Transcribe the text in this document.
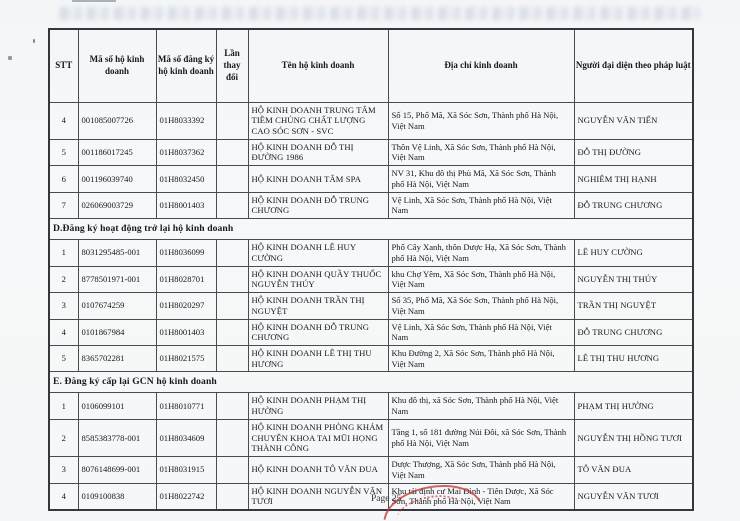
STT	Mã số hộ kinh doanh	Mã số đăng ký hộ kinh doanh	Lần thay đổi	Tên hộ kinh doanh	Địa chỉ kinh doanh	Người đại diện theo pháp luật
4	001085007726	01H8033392		HỘ KINH DOANH TRUNG TÂM TIÊM CHỦNG CHẤT LƯỢNG CAO SÓC SƠN - SVC	Số 15, Phố Mã, Xã Sóc Sơn, Thành phố Hà Nội, Việt Nam	NGUYỄN VĂN TIẾN
5	001186017245	01H8037362		HỘ KINH DOANH ĐỖ THỊ ĐƯỜNG 1986	Thôn Vệ Linh, Xã Sóc Sơn, Thành phố Hà Nội, Việt Nam	ĐỖ THỊ ĐƯỜNG
6	001196039740	01H8032450		HỘ KINH DOANH TÂM SPA	NV 31, Khu đô thị Phù Mã, Xã Sóc Sơn, Thành phố Hà Nội, Việt Nam	NGHIÊM THỊ HẠNH
7	026069003729	01H8001403		HỘ KINH DOANH ĐỖ TRUNG CHƯƠNG	Vệ Linh, Xã Sóc Sơn, Thành phố Hà Nội, Việt Nam	ĐỖ TRUNG CHƯƠNG
D.Đăng ký hoạt động trở lại hộ kinh doanh						
1	8031295485-001	01H8036099		HỘ KINH DOANH LÊ HUY CƯỜNG	Phố Cây Xanh, thôn Dược Hạ, Xã Sóc Sơn, Thành phố Hà Nội, Việt Nam	LÊ HUY CƯỜNG
2	8778501971-001	01H8028701		HỘ KINH DOANH QUẦY THUỐC NGUYỄN THÚY	khu Chợ Yêm, Xã Sóc Sơn, Thành phố Hà Nội, Việt Nam	NGUYỄN THỊ THÚY
3	0107674259	01H8020297		HỘ KINH DOANH TRẦN THỊ NGUYỆT	Số 35, Phố Mã, Xã Sóc Sơn, Thành phố Hà Nội, Việt Nam	TRẦN THỊ NGUYỆT
4	0101867984	01H8001403		HỘ KINH DOANH ĐỖ TRUNG CHƯƠNG	Vệ Linh, Xã Sóc Sơn, Thành phố Hà Nội, Việt Nam	ĐỖ TRUNG CHƯƠNG
5	8365702281	01H8021575		HỘ KINH DOANH LÊ THỊ THU HƯƠNG	Khu Đường 2, Xã Sóc Sơn, Thành phố Hà Nội, Việt Nam	LÊ THỊ THU HƯƠNG
E. Đăng ký cấp lại GCN hộ kinh doanh						
1	0106099101	01H8010771		HỘ KINH DOANH PHẠM THỊ HƯỜNG	Khu đô thị, xã Sóc Sơn, Thành phố Hà Nội, Việt Nam	PHẠM THỊ HƯỜNG
2	8585383778-001	01H8034609		HỘ KINH DOANH PHÒNG KHÁM CHUYÊN KHOA TAI MŨI HỌNG THÀNH CÔNG	Tầng 1, số 181 đường Núi Đôi, xã Sóc Sơn, Thành phố Hà Nội, Việt Nam	NGUYỄN THỊ HỒNG TƯƠI
3	8076148699-001	01H8031915		HỘ KINH DOANH TÔ VĂN ĐUA	Dược Thượng, Xã Sóc Sơn, Thành phố Hà Nội, Việt Nam	TÔ VĂN ĐUA
4	0109100838	01H8022742		HỘ KINH DOANH NGUYỄN VĂN TƯƠI	Khu tái định cư Mai Đình - Tiên Dược, Xã Sóc Sơn, Thành phố Hà Nội, Việt Nam	NGUYỄN VĂN TƯƠI
Page 25
